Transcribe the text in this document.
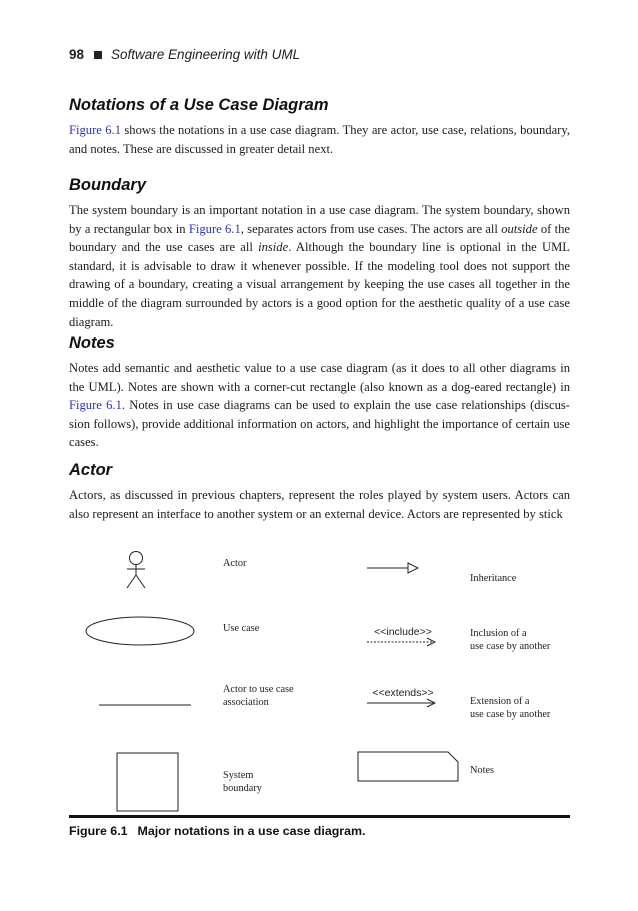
98 Software Engineering with UML
Notations of a Use Case Diagram

Figure 6.1 shows the notations in a use case diagram. They are actor, use case, relations, boundary, and notes. These are discussed in greater detail next.

Boundary

The system boundary is an important notation in a use case diagram. The system boundary, shown by a rectangular box in Figure 6.1, separates actors from use cases. The actors are all outside of the boundary and the use cases are all inside. Although the boundary line is optional in the UML standard, it is advisable to draw it whenever possible. If the modeling tool does not support the drawing of a boundary, creating a visual arrangement by keeping the use cases all together in the middle of the diagram surrounded by actors is a good option for the aesthetic quality of a use case diagram.

Notes

Notes add semantic and aesthetic value to a use case diagram (as it does to all other diagrams in the UML). Notes are shown with a corner-cut rectangle (also known as a dog-eared rectangle) in Figure 6.1. Notes in use case diagrams can be used to explain the use case relationships (discus-sion follows), provide additional information on actors, and highlight the importance of certain use cases.

Actor

Actors, as discussed in previous chapters, represent the roles played by system users. Actors can also represent an interface to another system or an external device. Actors are represented by stick

<<include>>
<<extends>>
Actor
Use case
Actor to use case
association
System
boundary
Inheritance
Inclusion of a
use case by another
Extension of a
use case by another
Notes
Figure 6.1 Major notations in a use case diagram.
